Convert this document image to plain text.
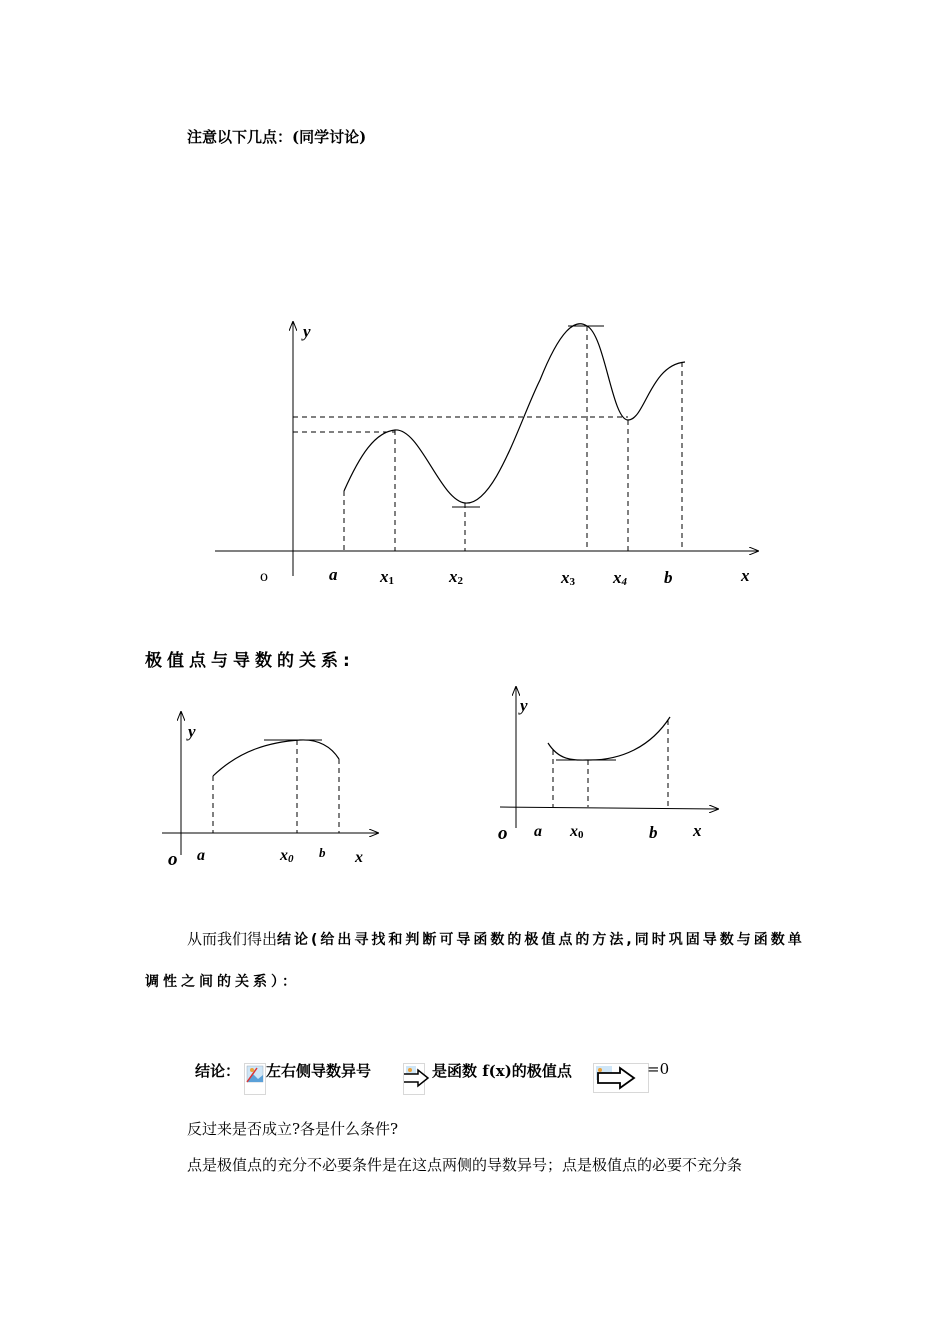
注意以下几点：(同学讨论)
y
o	a	x1	x2	x3 x4 b	x
极值点与导数的关系:
y
o a	x0 b x
y
o a x0	b x
从而我们得出结论(给出寻找和判断可导函数的极值点的方法,同时巩固导数与函数单
调性之间的关系）：
结论： 左右侧导数异号	是函数 f(x)的极值点	=0
反过来是否成立?各是什么条件?
点是极值点的充分不必要条件是在这点两侧的导数异号；点是极值点的必要不充分条
